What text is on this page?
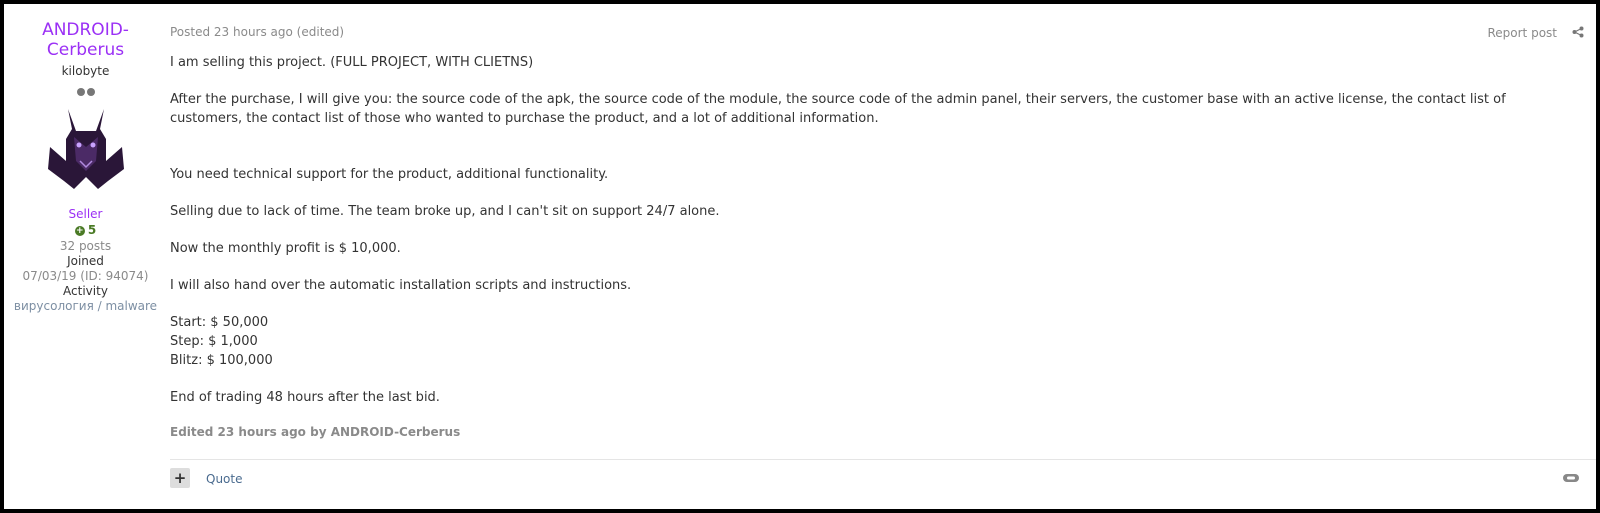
ANDROID-
Cerberus
kilobyte
Seller
+ 5
32 posts
Joined
07/03/19 (ID: 94074)
Activity
вирусология / malware
Posted 23 hours ago (edited)	Report post

I am selling this project. (FULL PROJECT, WITH CLIETNS)

After the purchase, I will give you: the source code of the apk, the source code of the module, the source code of the admin panel, their servers, the customer base with an active license, the contact list of customers, the contact list of those who wanted to purchase the product, and a lot of additional information.

You need technical support for the product, additional functionality.

Selling due to lack of time. The team broke up, and I can't sit on support 24/7 alone.

Now the monthly profit is $ 10,000.

I will also hand over the automatic installation scripts and instructions.

Start: $ 50,000

Step: $ 1,000

Blitz: $ 100,000

End of trading 48 hours after the last bid.

Edited 23 hours ago by ANDROID-Cerberus
+	Quote
